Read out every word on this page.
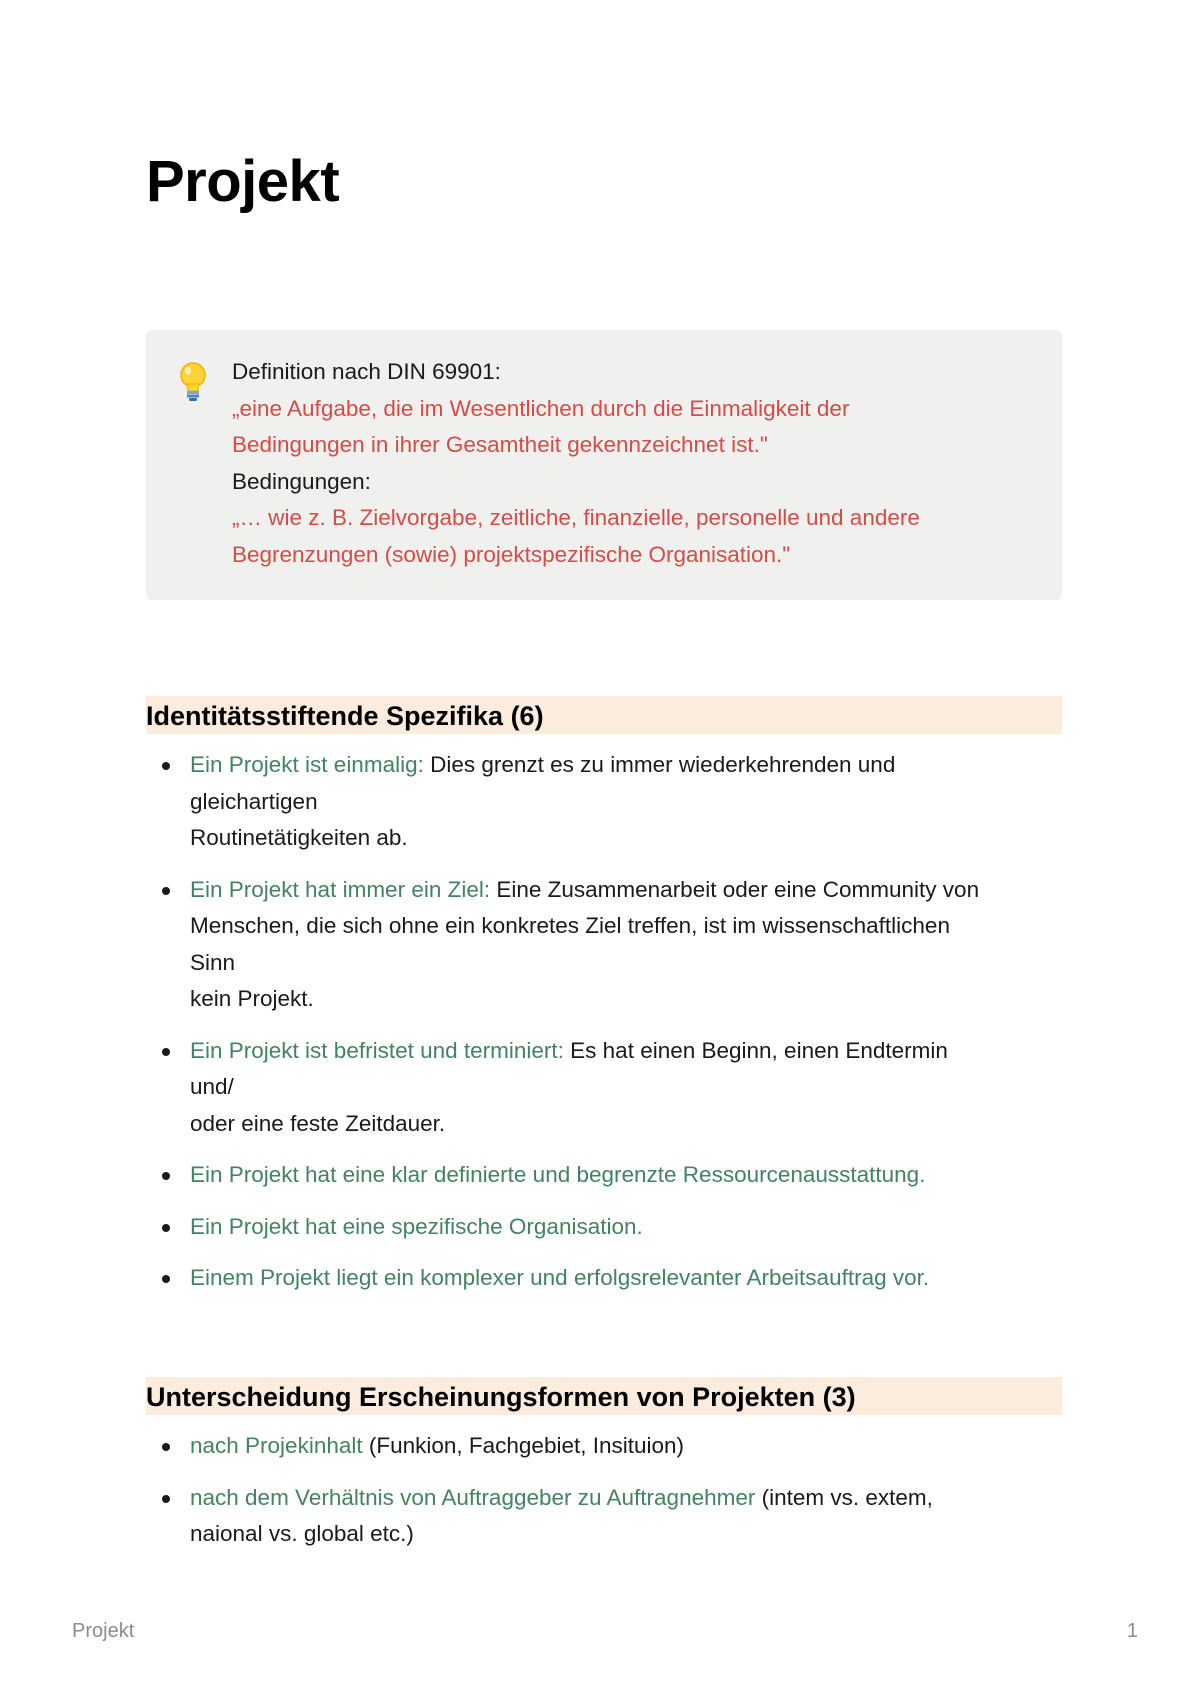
Projekt
Definition nach DIN 69901:
„eine Aufgabe, die im Wesentlichen durch die Einmaligkeit der
Bedingungen in ihrer Gesamtheit gekennzeichnet ist."
Bedingungen:
„… wie z. B. Zielvorgabe, zeitliche, finanzielle, personelle und andere
Begrenzungen (sowie) projektspezifische Organisation."
Identitätsstiftende Spezifika (6)
Ein Projekt ist einmalig: Dies grenzt es zu immer wiederkehrenden und
gleichartigen
Routinetätigkeiten ab.
Ein Projekt hat immer ein Ziel: Eine Zusammenarbeit oder eine Community von
Menschen, die sich ohne ein konkretes Ziel treffen, ist im wissenschaftlichen
Sinn
kein Projekt.
Ein Projekt ist befristet und terminiert: Es hat einen Beginn, einen Endtermin
und/
oder eine feste Zeitdauer.
Ein Projekt hat eine klar definierte und begrenzte Ressourcenausstattung.
Ein Projekt hat eine spezifische Organisation.
Einem Projekt liegt ein komplexer und erfolgsrelevanter Arbeitsauftrag vor.
Unterscheidung Erscheinungsformen von Projekten (3)
nach Projekinhalt (Funkion, Fachgebiet, Insituion)
nach dem Verhältnis von Auftraggeber zu Auftragnehmer (intem vs. extem,
naional vs. global etc.)
Projekt	1
